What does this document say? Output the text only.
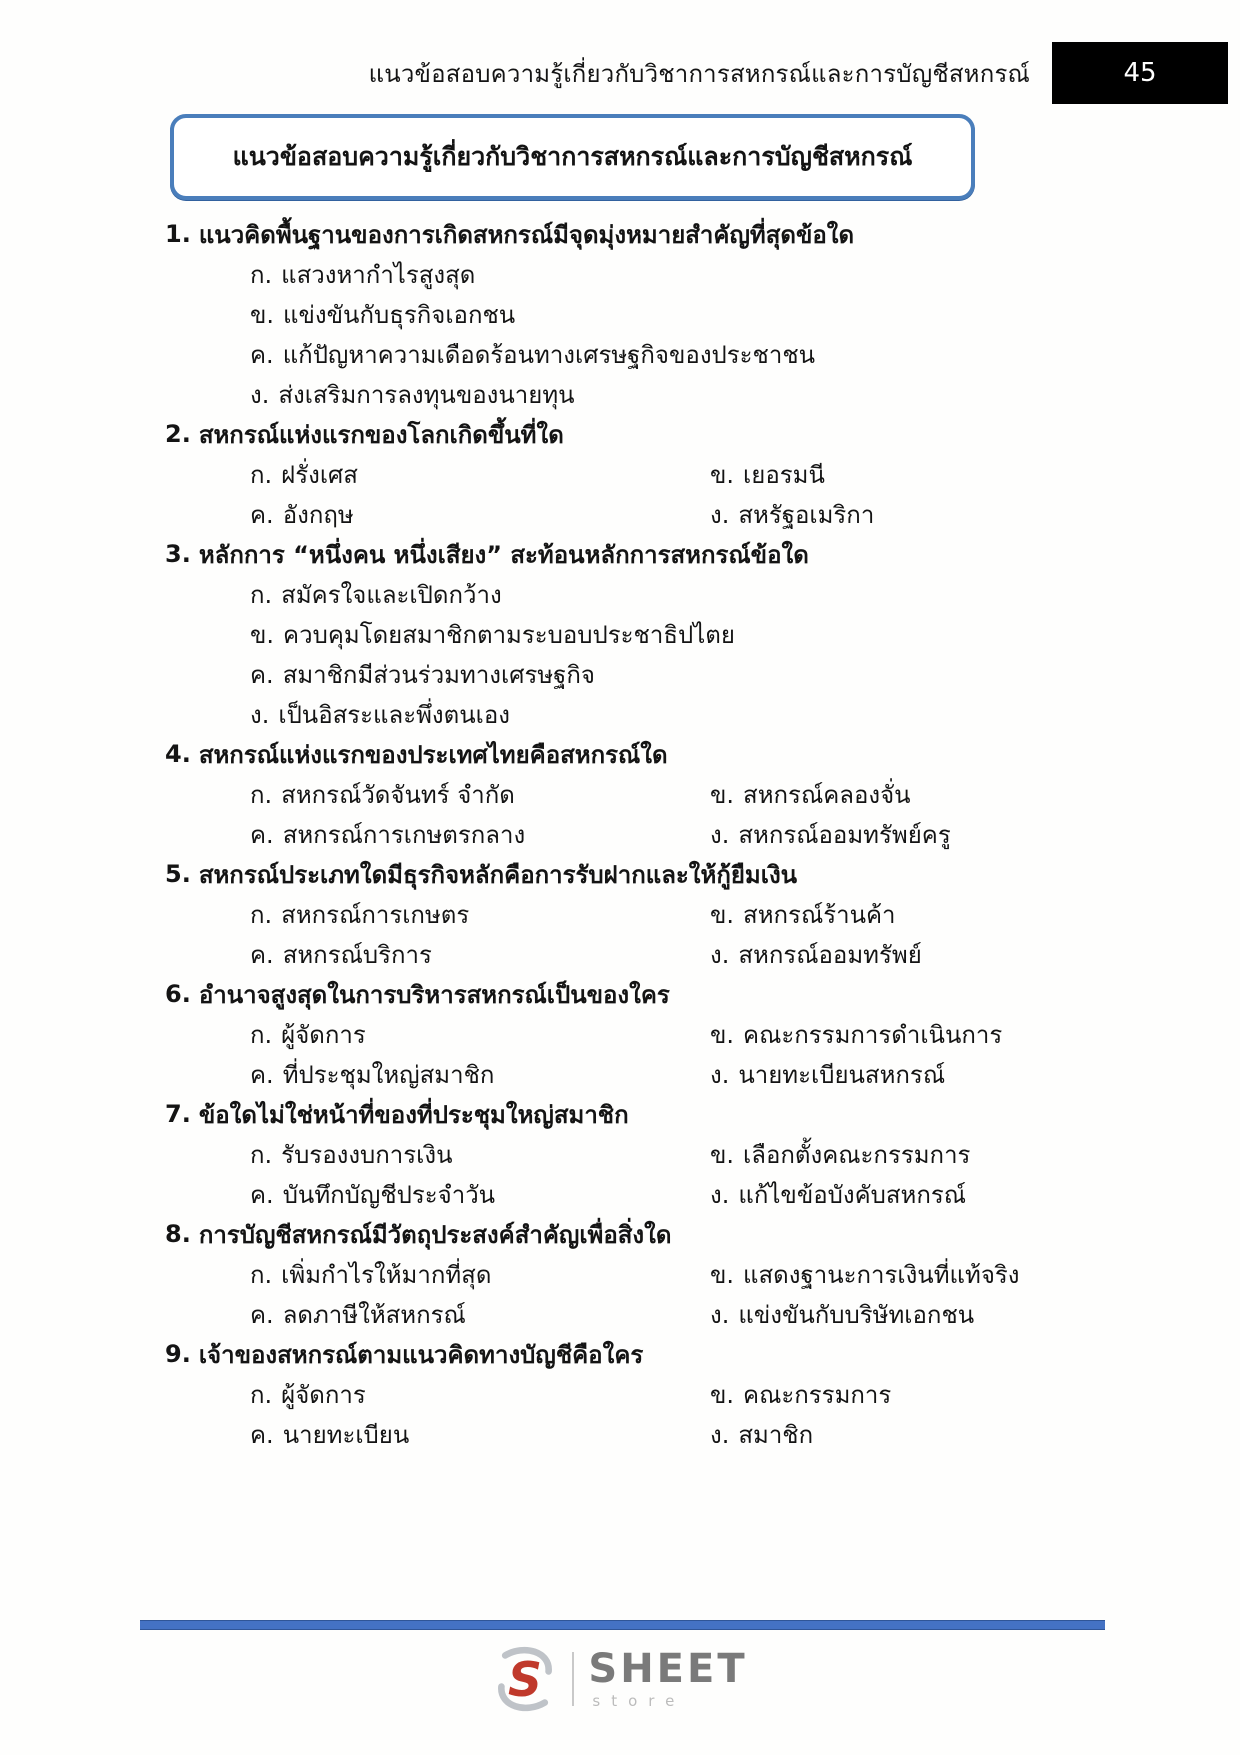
แนวข้อสอบความรู้เกี่ยวกับวิชาการสหกรณ์และการบัญชีสหกรณ์	45
แนวข้อสอบความรู้เกี่ยวกับวิชาการสหกรณ์และการบัญชีสหกรณ์
1. แนวคิดพื้นฐานของการเกิดสหกรณ์มีจุดมุ่งหมายสำคัญที่สุดข้อใด
ก. แสวงหากำไรสูงสุด
ข. แข่งขันกับธุรกิจเอกชน
ค. แก้ปัญหาความเดือดร้อนทางเศรษฐกิจของประชาชน
ง. ส่งเสริมการลงทุนของนายทุน
2. สหกรณ์แห่งแรกของโลกเกิดขึ้นที่ใด
ก. ฝรั่งเศส	ข. เยอรมนี
ค. อังกฤษ	ง. สหรัฐอเมริกา
3. หลักการ “หนึ่งคน หนึ่งเสียง” สะท้อนหลักการสหกรณ์ข้อใด
ก. สมัครใจและเปิดกว้าง
ข. ควบคุมโดยสมาชิกตามระบอบประชาธิปไตย
ค. สมาชิกมีส่วนร่วมทางเศรษฐกิจ
ง. เป็นอิสระและพึ่งตนเอง
4. สหกรณ์แห่งแรกของประเทศไทยคือสหกรณ์ใด
ก. สหกรณ์วัดจันทร์ จำกัด	ข. สหกรณ์คลองจั่น
ค. สหกรณ์การเกษตรกลาง	ง. สหกรณ์ออมทรัพย์ครู
5. สหกรณ์ประเภทใดมีธุรกิจหลักคือการรับฝากและให้กู้ยืมเงิน
ก. สหกรณ์การเกษตร	ข. สหกรณ์ร้านค้า
ค. สหกรณ์บริการ	ง. สหกรณ์ออมทรัพย์
6. อำนาจสูงสุดในการบริหารสหกรณ์เป็นของใคร
ก. ผู้จัดการ	ข. คณะกรรมการดำเนินการ
ค. ที่ประชุมใหญ่สมาชิก	ง. นายทะเบียนสหกรณ์
7. ข้อใดไม่ใช่หน้าที่ของที่ประชุมใหญ่สมาชิก
ก. รับรองงบการเงิน	ข. เลือกตั้งคณะกรรมการ
ค. บันทึกบัญชีประจำวัน	ง. แก้ไขข้อบังคับสหกรณ์
8. การบัญชีสหกรณ์มีวัตถุประสงค์สำคัญเพื่อสิ่งใด
ก. เพิ่มกำไรให้มากที่สุด	ข. แสดงฐานะการเงินที่แท้จริง
ค. ลดภาษีให้สหกรณ์	ง. แข่งขันกับบริษัทเอกชน
9. เจ้าของสหกรณ์ตามแนวคิดทางบัญชีคือใคร
ก. ผู้จัดการ	ข. คณะกรรมการ
ค. นายทะเบียน	ง. สมาชิก
S SHEET
store
